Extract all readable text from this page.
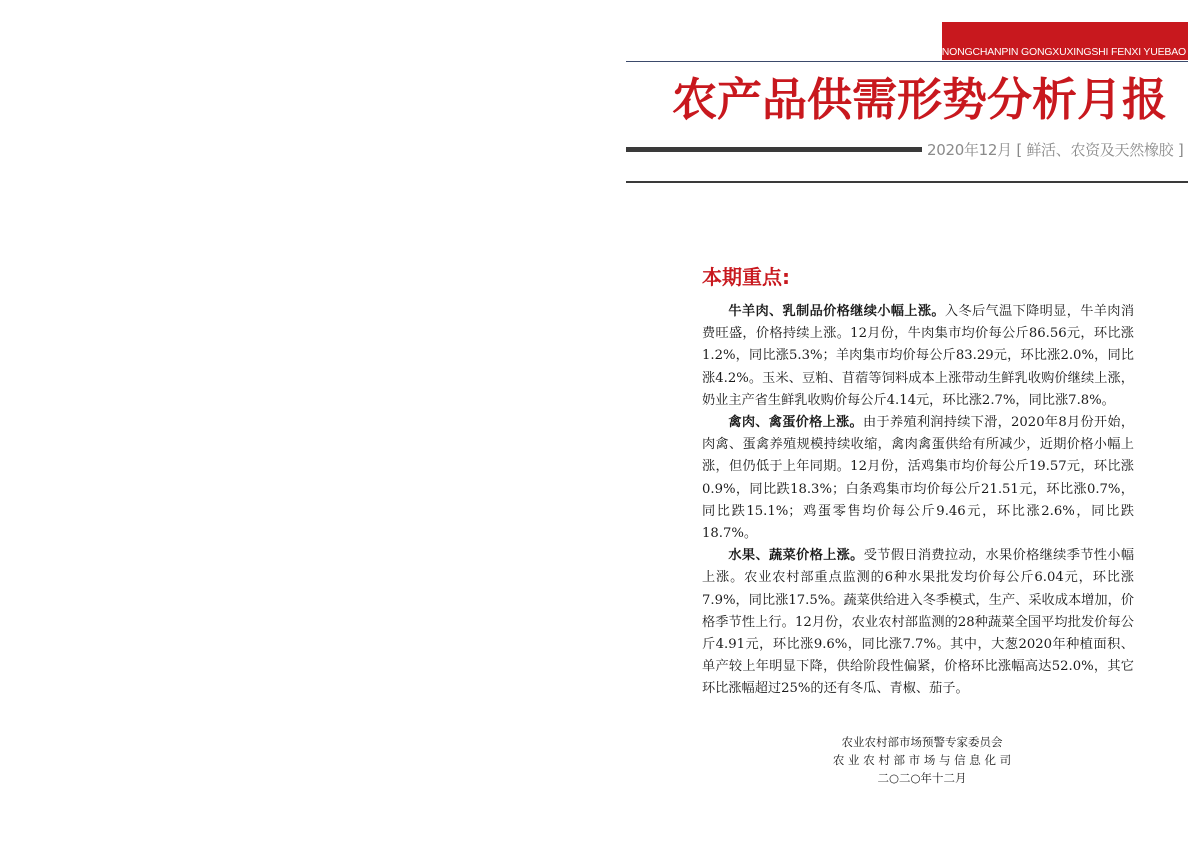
NONGCHANPIN GONGXUXINGSHI FENXI YUEBAO
农产品供需形势分析月报
2020年12月 [ 鲜活、农资及天然橡胶 ]
本期重点:

牛羊肉、乳制品价格继续小幅上涨。入冬后气温下降明显，牛羊肉消费旺盛，价格持续上涨。12月份，牛肉集市均价每公斤86.56元，环比涨1.2%，同比涨5.3%；羊肉集市均价每公斤83.29元，环比涨2.0%，同比涨4.2%。玉米、豆粕、苜蓿等饲料成本上涨带动生鲜乳收购价继续上涨，奶业主产省生鲜乳收购价每公斤4.14元，环比涨2.7%，同比涨7.8%。

禽肉、禽蛋价格上涨。由于养殖利润持续下滑，2020年8月份开始，肉禽、蛋禽养殖规模持续收缩，禽肉禽蛋供给有所减少，近期价格小幅上涨，但仍低于上年同期。12月份，活鸡集市均价每公斤19.57元，环比涨0.9%，同比跌18.3%；白条鸡集市均价每公斤21.51元，环比涨0.7%，同比跌15.1%；鸡蛋零售均价每公斤9.46元，环比涨2.6%，同比跌18.7%。

水果、蔬菜价格上涨。受节假日消费拉动，水果价格继续季节性小幅上涨。农业农村部重点监测的6种水果批发均价每公斤6.04元，环比涨7.9%，同比涨17.5%。蔬菜供给进入冬季模式，生产、采收成本增加，价格季节性上行。12月份，农业农村部监测的28种蔬菜全国平均批发价每公斤4.91元，环比涨9.6%，同比涨7.7%。其中，大葱2020年种植面积、单产较上年明显下降，供给阶段性偏紧，价格环比涨幅高达52.0%，其它环比涨幅超过25%的还有冬瓜、青椒、茄子。

农业农村部市场预警专家委员会
农 业 农 村 部 市 场 与 信 息 化 司
二○二○年十二月
